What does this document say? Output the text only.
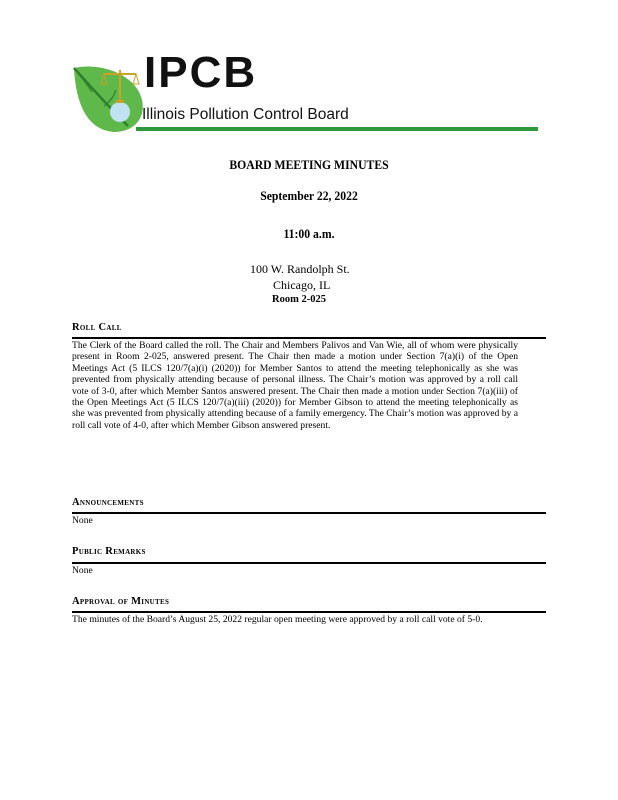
IPCB
Illinois Pollution Control Board
BOARD MEETING MINUTES
September 22, 2022
11:00 a.m.
100 W. Randolph St.
Chicago, IL
Room 2-025
Roll Call
The Clerk of the Board called the roll. The Chair and Members Palivos and Van Wie, all of whom were physically present in Room 2-025, answered present. The Chair then made a motion under Section 7(a)(i) of the Open Meetings Act (5 ILCS 120/7(a)(i) (2020)) for Member Santos to attend the meeting telephonically as she was prevented from physically attending because of personal illness. The Chair’s motion was approved by a roll call vote of 3-0, after which Member Santos answered present. The Chair then made a motion under Section 7(a)(iii) of the Open Meetings Act (5 ILCS 120/7(a)(iii) (2020)) for Member Gibson to attend the meeting telephonically as she was prevented from physically attending because of a family emergency. The Chair’s motion was approved by a roll call vote of 4-0, after which Member Gibson answered present.
Announcements
None
Public Remarks
None
Approval of Minutes
The minutes of the Board’s August 25, 2022 regular open meeting were approved by a roll call vote of 5-0.
